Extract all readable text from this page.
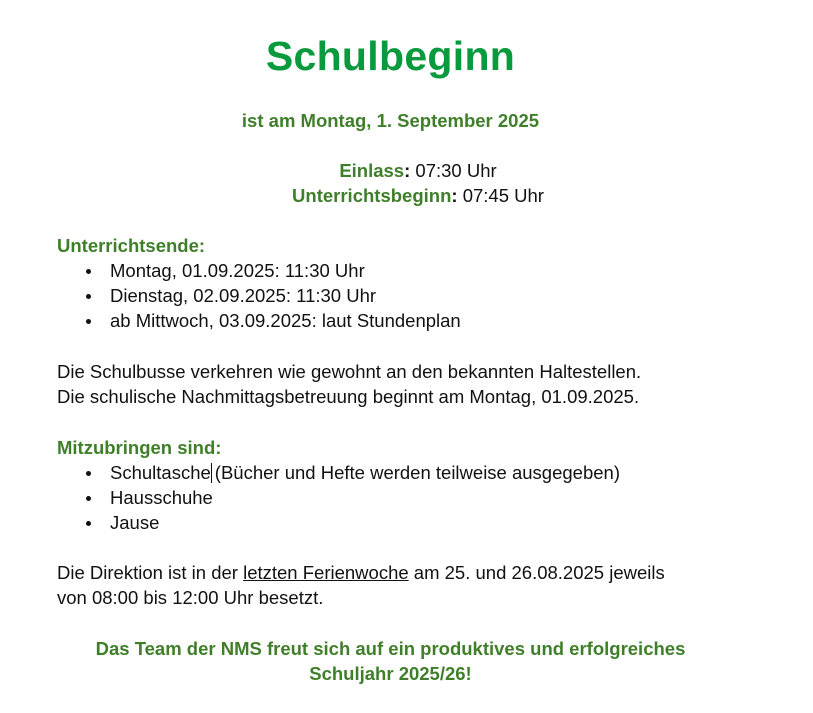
Schulbeginn
ist am Montag, 1. September 2025
Einlass: 07:30 Uhr
Unterrichtsbeginn: 07:45 Uhr
Unterrichtsende:
Montag, 01.09.2025: 11:30 Uhr
Dienstag, 02.09.2025: 11:30 Uhr
ab Mittwoch, 03.09.2025: laut Stundenplan
Die Schulbusse verkehren wie gewohnt an den bekannten Haltestellen.
Die schulische Nachmittagsbetreuung beginnt am Montag, 01.09.2025.
Mitzubringen sind:
Schultasche (Bücher und Hefte werden teilweise ausgegeben)
Hausschuhe
Jause
Die Direktion ist in der letzten Ferienwoche am 25. und 26.08.2025 jeweils
von 08:00 bis 12:00 Uhr besetzt.
Das Team der NMS freut sich auf ein produktives und erfolgreiches
Schuljahr 2025/26!
